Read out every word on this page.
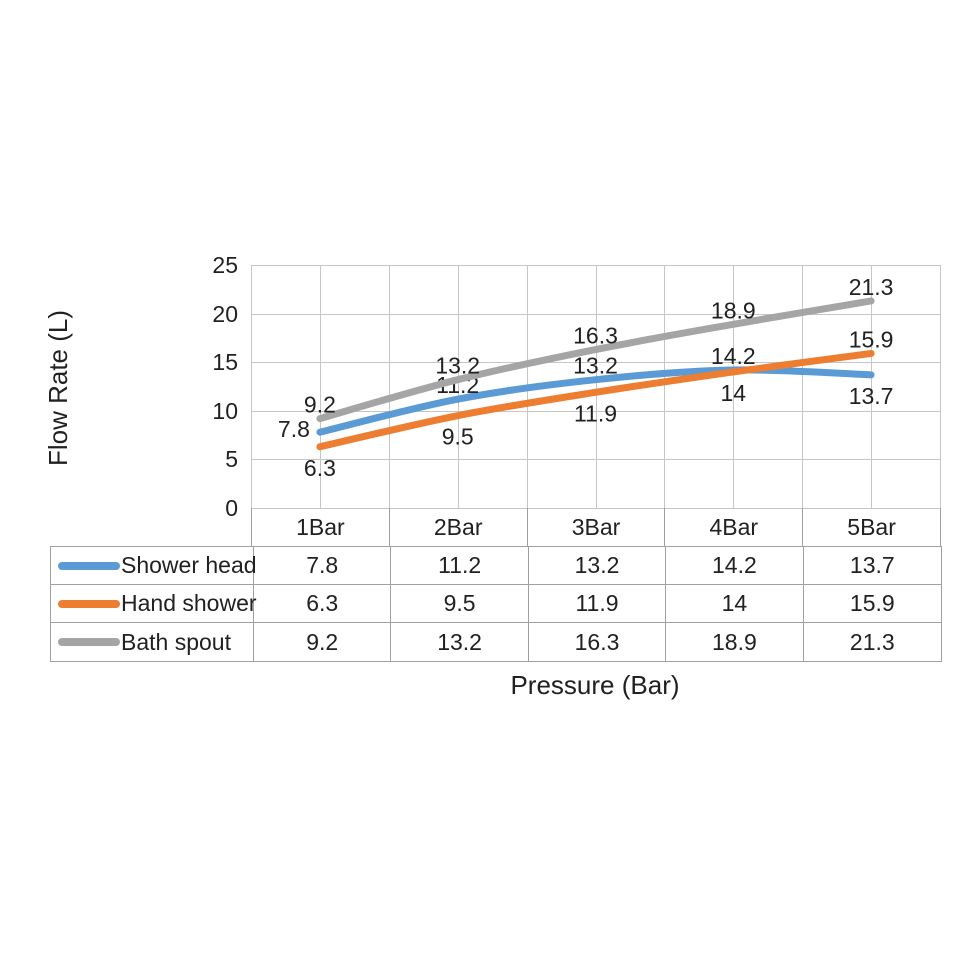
Flow Rate (L)	7.8
11.2
13.2	14.2
13.7
6.3
9.5
11.9
14
15.9
9.2
13.2
16.3
18.9
21.3
25
20
15
10
5
0
1Bar	2Bar	3Bar	4Bar	5Bar
Shower head	7.8	11.2	13.2	14.2	13.7
Hand shower	6.3	9.5	11.9	14	15.9
Bath spout	9.2	13.2	16.3	18.9	21.3
Pressure (Bar)
